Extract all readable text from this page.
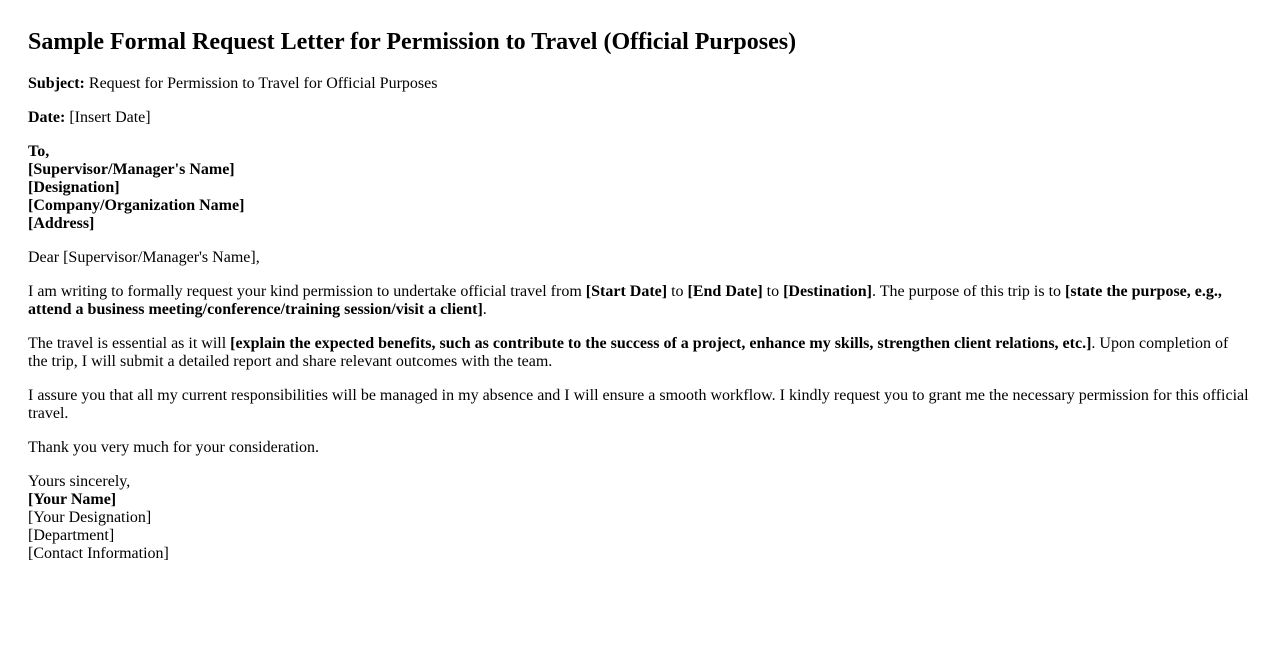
Sample Formal Request Letter for Permission to Travel (Official Purposes)

Subject: Request for Permission to Travel for Official Purposes

Date: [Insert Date]

To,
[Supervisor/Manager's Name]
[Designation]
[Company/Organization Name]
[Address]

Dear [Supervisor/Manager's Name],

I am writing to formally request your kind permission to undertake official travel from [Start Date] to [End Date] to [Destination]. The purpose of this trip is to [state the purpose, e.g., attend a business meeting/conference/training session/visit a client].

The travel is essential as it will [explain the expected benefits, such as contribute to the success of a project, enhance my skills, strengthen client relations, etc.]. Upon completion of the trip, I will submit a detailed report and share relevant outcomes with the team.

I assure you that all my current responsibilities will be managed in my absence and I will ensure a smooth workflow. I kindly request you to grant me the necessary permission for this official travel.

Thank you very much for your consideration.

Yours sincerely,
[Your Name]
[Your Designation]
[Department]
[Contact Information]
